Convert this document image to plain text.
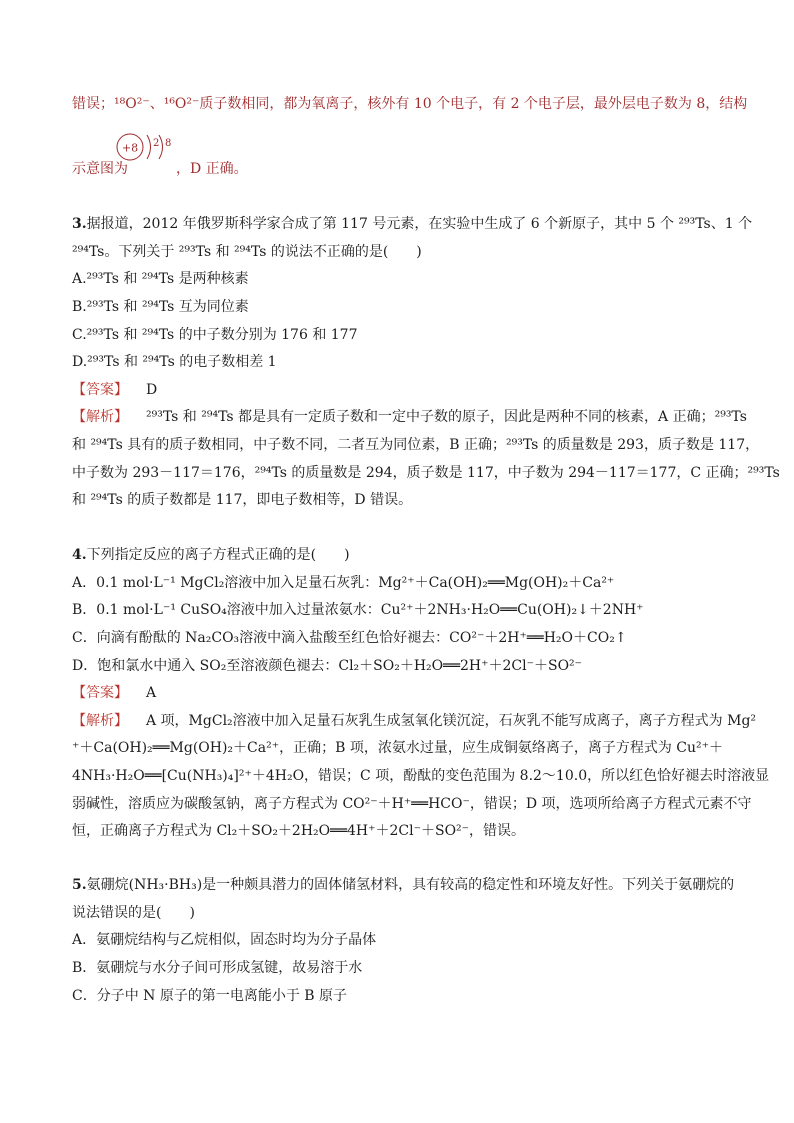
错误；¹⁸O²⁻、¹⁶O²⁻质子数相同，都为氧离子，核外有 10 个电子，有 2 个电子层，最外层电子数为 8，结构
+8 2 8
示意图为	，D 正确。
3.据报道，2012 年俄罗斯科学家合成了第 117 号元素，在实验中生成了 6 个新原子，其中 5 个 ²⁹³Ts、1 个
²⁹⁴Ts。下列关于 ²⁹³Ts 和 ²⁹⁴Ts 的说法不正确的是(　　)
A.²⁹³Ts 和 ²⁹⁴Ts 是两种核素
B.²⁹³Ts 和 ²⁹⁴Ts 互为同位素
C.²⁹³Ts 和 ²⁹⁴Ts 的中子数分别为 176 和 177
D.²⁹³Ts 和 ²⁹⁴Ts 的电子数相差 1
【答案】 D
【解析】 ²⁹³Ts 和 ²⁹⁴Ts 都是具有一定质子数和一定中子数的原子，因此是两种不同的核素，A 正确；²⁹³Ts
和 ²⁹⁴Ts 具有的质子数相同，中子数不同，二者互为同位素，B 正确；²⁹³Ts 的质量数是 293，质子数是 117，
中子数为 293－117＝176，²⁹⁴Ts 的质量数是 294，质子数是 117，中子数为 294－117＝177，C 正确；²⁹³Ts
和 ²⁹⁴Ts 的质子数都是 117，即电子数相等，D 错误。
4.下列指定反应的离子方程式正确的是(　　)
A．0.1 mol·L⁻¹ MgCl₂溶液中加入足量石灰乳：Mg²⁺＋Ca(OH)₂══Mg(OH)₂＋Ca²⁺
B．0.1 mol·L⁻¹ CuSO₄溶液中加入过量浓氨水：Cu²⁺＋2NH₃·H₂O══Cu(OH)₂↓＋2NH⁺
C．向滴有酚酞的 Na₂CO₃溶液中滴入盐酸至红色恰好褪去：CO²⁻＋2H⁺══H₂O＋CO₂↑
D．饱和氯水中通入 SO₂至溶液颜色褪去：Cl₂＋SO₂＋H₂O══2H⁺＋2Cl⁻＋SO²⁻
【答案】 A
【解析】 A 项，MgCl₂溶液中加入足量石灰乳生成氢氧化镁沉淀，石灰乳不能写成离子，离子方程式为 Mg²
⁺＋Ca(OH)₂══Mg(OH)₂＋Ca²⁺，正确；B 项，浓氨水过量，应生成铜氨络离子，离子方程式为 Cu²⁺＋
4NH₃·H₂O══[Cu(NH₃)₄]²⁺＋4H₂O，错误；C 项，酚酞的变色范围为 8.2～10.0，所以红色恰好褪去时溶液显
弱碱性，溶质应为碳酸氢钠，离子方程式为 CO²⁻＋H⁺══HCO⁻，错误；D 项，选项所给离子方程式元素不守
恒，正确离子方程式为 Cl₂＋SO₂＋2H₂O══4H⁺＋2Cl⁻＋SO²⁻，错误。
5.氨硼烷(NH₃·BH₃)是一种颇具潜力的固体储氢材料，具有较高的稳定性和环境友好性。下列关于氨硼烷的
说法错误的是(　　)
A．氨硼烷结构与乙烷相似，固态时均为分子晶体
B．氨硼烷与水分子间可形成氢键，故易溶于水
C．分子中 N 原子的第一电离能小于 B 原子
